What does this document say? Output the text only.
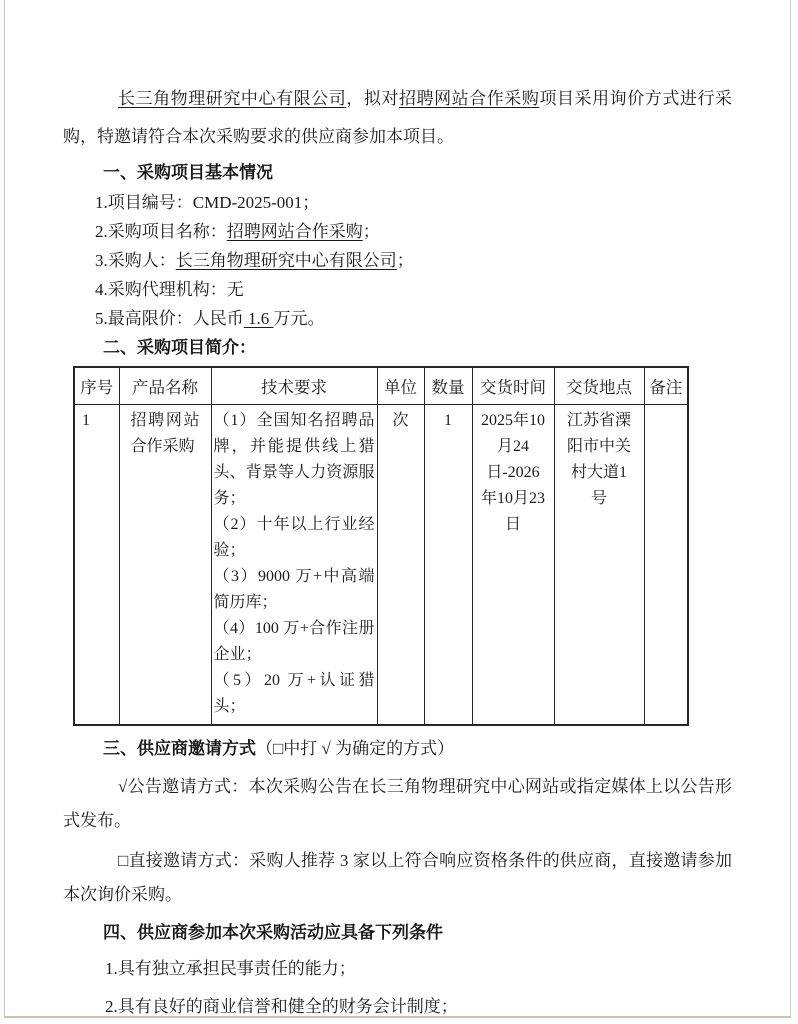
长三角物理研究中心有限公司，拟对招聘网站合作采购项目采用询价方式进行采购，特邀请符合本次采购要求的供应商参加本项目。

一、采购项目基本情况

1.项目编号：CMD-2025-001；

2.采购项目名称：招聘网站合作采购；

3.采购人：长三角物理研究中心有限公司；

4.采购代理机构：无

5.最高限价：人民币 1.6 万元。

二、采购项目简介：

序号	产品名称	技术要求	单位	数量	交货时间	交货地点	备注
1	招聘网站合作采购	（1）全国知名招聘品牌，并能提供线上猎头、背景等人力资源服务；

（2）十年以上行业经验；

（3）9000 万+中高端简历库；

（4）100 万+合作注册企业；

（5）20 万+认证猎头；	次	1	2025年10月24日-2026年10月23日	江苏省溧阳市中关村大道1号	

三、供应商邀请方式（□中打 √ 为确定的方式）

√公告邀请方式：本次采购公告在长三角物理研究中心网站或指定媒体上以公告形式发布。

□直接邀请方式：采购人推荐 3 家以上符合响应资格条件的供应商，直接邀请参加本次询价采购。

四、供应商参加本次采购活动应具备下列条件

1.具有独立承担民事责任的能力；

2.具有良好的商业信誉和健全的财务会计制度；
